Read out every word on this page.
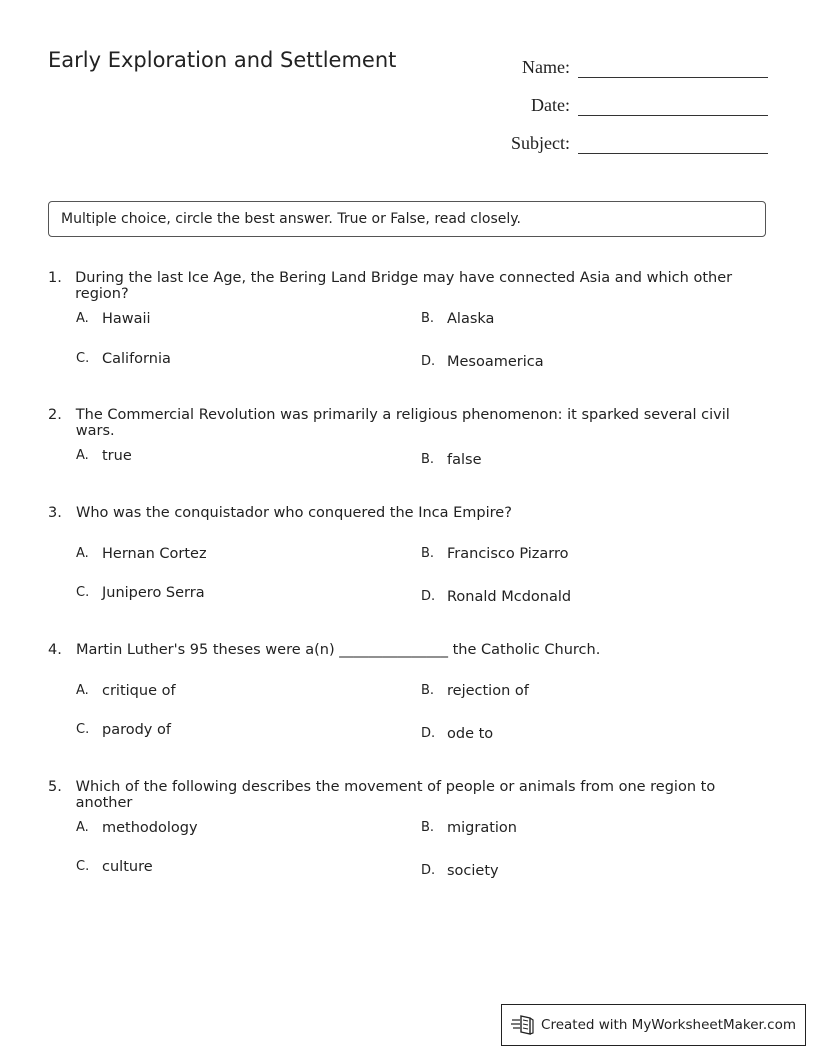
Early Exploration and Settlement	Name:
Date:
Subject:
Multiple choice, circle the best answer. True or False, read closely.
1. During the last Ice Age, the Bering Land Bridge may have connected Asia and which other region?
A. Hawaii	B. Alaska
C. California	D. Mesoamerica
2. The Commercial Revolution was primarily a religious phenomenon: it sparked several civil wars.
A. true	B. false
3. Who was the conquistador who conquered the Inca Empire?
A. Hernan Cortez	B. Francisco Pizarro
C. Junipero Serra	D. Ronald Mcdonald
4. Martin Luther's 95 theses were a(n) _______________ the Catholic Church.
A. critique of	B. rejection of
C. parody of	D. ode to
5. Which of the following describes the movement of people or animals from one region to another
A. methodology	B. migration
C. culture	D. society
Created with MyWorksheetMaker.com
